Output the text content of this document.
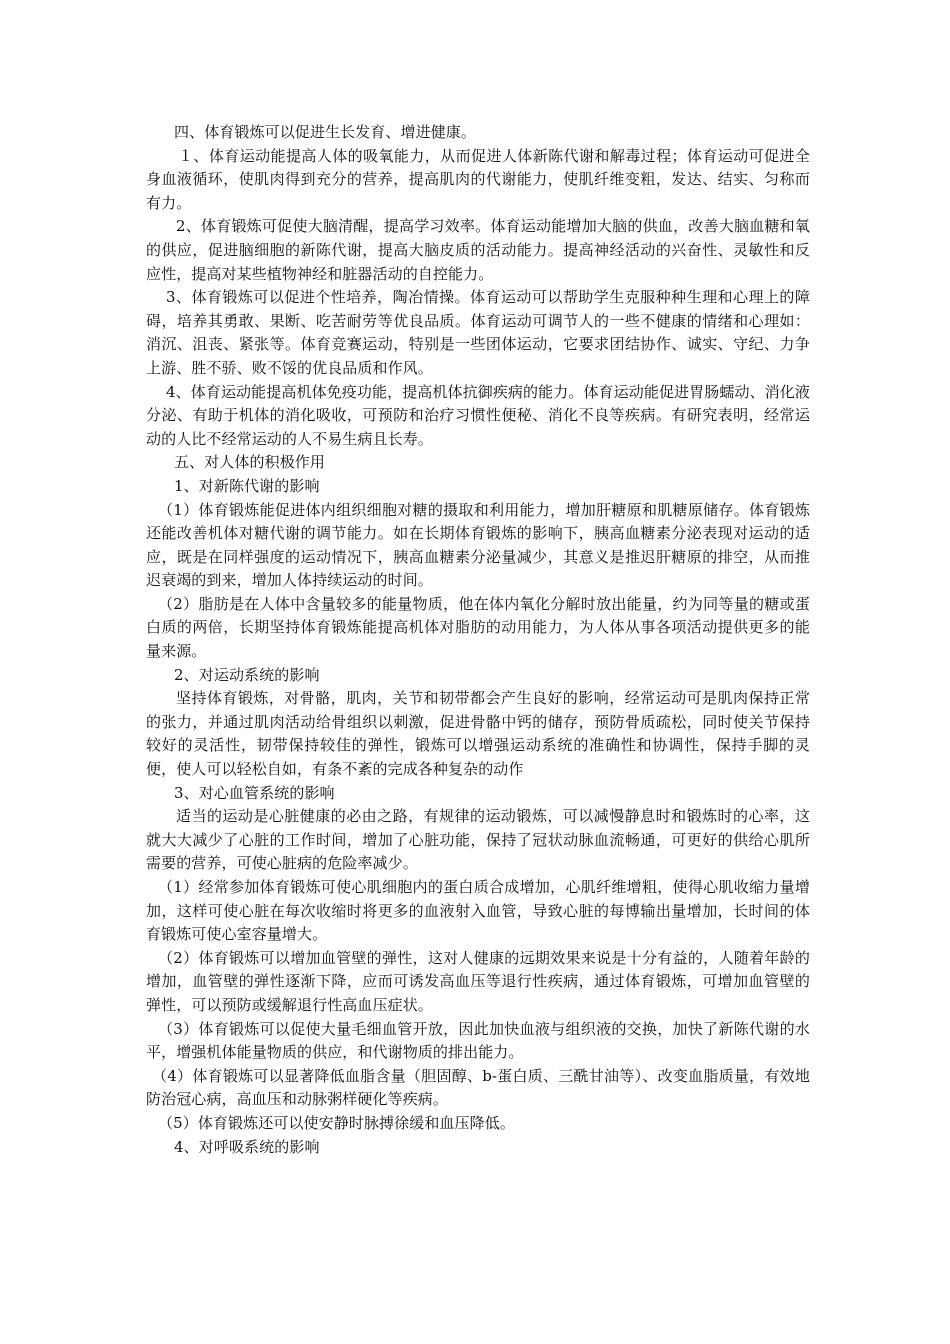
四、体育锻炼可以促进生长发育、增进健康。

１、体育运动能提高人体的吸氧能力，从而促进人体新陈代谢和解毒过程；体育运动可促进全身血液循环，使肌肉得到充分的营养，提高肌肉的代谢能力，使肌纤维变粗，发达、结实、匀称而有力。

2、体育锻炼可促使大脑清醒，提高学习效率。体育运动能增加大脑的供血，改善大脑血糖和氧的供应，促进脑细胞的新陈代谢，提高大脑皮质的活动能力。提高神经活动的兴奋性、灵敏性和反应性，提高对某些植物神经和脏器活动的自控能力。

3、体育锻炼可以促进个性培养，陶冶情操。体育运动可以帮助学生克服种种生理和心理上的障碍，培养其勇敢、果断、吃苦耐劳等优良品质。体育运动可调节人的一些不健康的情绪和心理如：消沉、沮丧、紧张等。体育竞赛运动，特别是一些团体运动，它要求团结协作、诚实、守纪、力争上游、胜不骄、败不馁的优良品质和作风。

4、体育运动能提高机体免疫功能，提高机体抗御疾病的能力。体育运动能促进胃肠蠕动、消化液分泌、有助于机体的消化吸收，可预防和治疗习惯性便秘、消化不良等疾病。有研究表明，经常运动的人比不经常运动的人不易生病且长寿。

五、对人体的积极作用

1、对新陈代谢的影响

（1）体育锻炼能促进体内组织细胞对糖的摄取和利用能力，增加肝糖原和肌糖原储存。体育锻炼还能改善机体对糖代谢的调节能力。如在长期体育锻炼的影响下，胰高血糖素分泌表现对运动的适应，既是在同样强度的运动情况下，胰高血糖素分泌量减少，其意义是推迟肝糖原的排空，从而推迟衰竭的到来，增加人体持续运动的时间。

（2）脂肪是在人体中含量较多的能量物质，他在体内氧化分解时放出能量，约为同等量的糖或蛋白质的两倍，长期坚持体育锻炼能提高机体对脂肪的动用能力，为人体从事各项活动提供更多的能量来源。

2、对运动系统的影响

坚持体育锻炼，对骨骼，肌肉，关节和韧带都会产生良好的影响，经常运动可是肌肉保持正常的张力，并通过肌肉活动给骨组织以刺激，促进骨骼中钙的储存，预防骨质疏松，同时使关节保持较好的灵活性，韧带保持较佳的弹性，锻炼可以增强运动系统的准确性和协调性，保持手脚的灵便，使人可以轻松自如，有条不紊的完成各种复杂的动作

3、对心血管系统的影响

适当的运动是心脏健康的必由之路，有规律的运动锻炼，可以减慢静息时和锻炼时的心率，这就大大减少了心脏的工作时间，增加了心脏功能，保持了冠状动脉血流畅通，可更好的供给心肌所需要的营养，可使心脏病的危险率减少。

（1）经常参加体育锻炼可使心肌细胞内的蛋白质合成增加，心肌纤维增粗，使得心肌收缩力量增加，这样可使心脏在每次收缩时将更多的血液射入血管，导致心脏的每博输出量增加，长时间的体育锻炼可使心室容量增大。

（2）体育锻炼可以增加血管壁的弹性，这对人健康的远期效果来说是十分有益的，人随着年龄的增加，血管壁的弹性逐渐下降，应而可诱发高血压等退行性疾病，通过体育锻炼，可增加血管壁的弹性，可以预防或缓解退行性高血压症状。

（3）体育锻炼可以促使大量毛细血管开放，因此加快血液与组织液的交换，加快了新陈代谢的水平，增强机体能量物质的供应，和代谢物质的排出能力。

（4）体育锻炼可以显著降低血脂含量（胆固醇、b-蛋白质、三酰甘油等）、改变血脂质量，有效地防治冠心病，高血压和动脉粥样硬化等疾病。

（5）体育锻炼还可以使安静时脉搏徐缓和血压降低。

4、对呼吸系统的影响
